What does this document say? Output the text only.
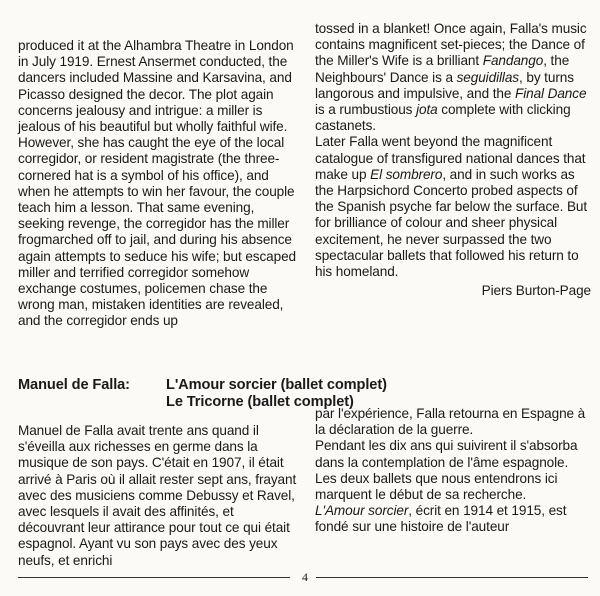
produced it at the Alhambra Theatre in London in July 1919. Ernest Ansermet conducted, the dancers included Massine and Karsavina, and Picasso designed the decor. The plot again concerns jealousy and intrigue: a miller is jealous of his beautiful but wholly faithful wife. However, she has caught the eye of the local corregidor, or resident magistrate (the three-cornered hat is a symbol of his office), and when he attempts to win her favour, the couple teach him a lesson. That same evening, seeking revenge, the corregidor has the miller frogmarched off to jail, and during his absence again attempts to seduce his wife; but escaped miller and terrified corregidor somehow exchange costumes, policemen chase the wrong man, mistaken identities are revealed, and the corregidor ends up

tossed in a blanket! Once again, Falla's music contains magnificent set-pieces; the Dance of the Miller's Wife is a brilliant Fandango, the Neighbours' Dance is a seguidillas, by turns langorous and impulsive, and the Final Dance is a rumbustious jota complete with clicking castanets.

Later Falla went beyond the magnificent catalogue of transfigured national dances that make up El sombrero, and in such works as the Harpsichord Concerto probed aspects of the Spanish psyche far below the surface. But for brilliance of colour and sheer physical excitement, he never surpassed the two spectacular ballets that followed his return to his homeland.

Piers Burton-Page

Manuel de Falla: L'Amour sorcier (ballet complet)
Le Tricorne (ballet complet)

Manuel de Falla avait trente ans quand il s'éveilla aux richesses en germe dans la musique de son pays. C'était en 1907, il était arrivé à Paris où il allait rester sept ans, frayant avec des musiciens comme Debussy et Ravel, avec lesquels il avait des affinités, et découvrant leur attirance pour tout ce qui était espagnol. Ayant vu son pays avec des yeux neufs, et enrichi

par l'expérience, Falla retourna en Espagne à la déclaration de la guerre.

Pendant les dix ans qui suivirent il s'absorba dans la contemplation de l'âme espagnole. Les deux ballets que nous entendrons ici marquent le début de sa recherche.

L'Amour sorcier, écrit en 1914 et 1915, est fondé sur une histoire de l'auteur

4
